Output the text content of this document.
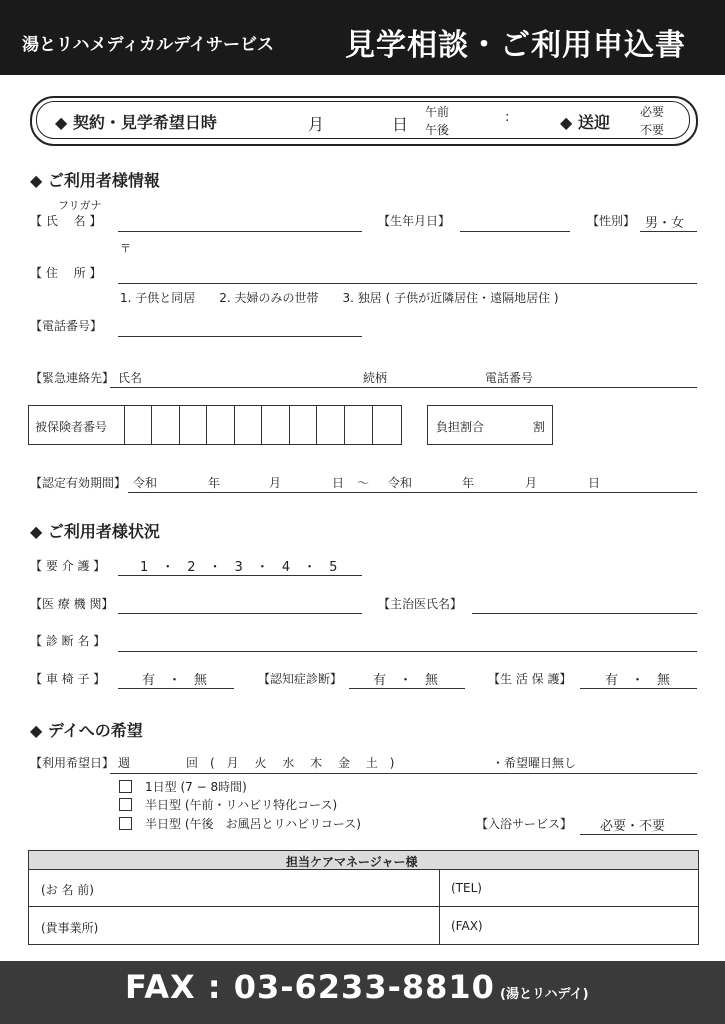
湯とリハメディカルデイサービス 見学相談・ご利用申込書
◆ 契約・見学希望日時	月	日
午前
午後
:	◆ 送迎
必要
不要
◆ ご利用者様情報
フリガナ
【 氏　 名 】	【生年月日】	【性別】 男・女
〒
【 住　 所 】
1. 子供と同居　　2. 夫婦のみの世帯　　3. 独居 ( 子供が近隣居住・遠隔地居住 )
【電話番号】
【緊急連絡先】 氏名	続柄	電話番号
被保険者番号	負担割合	割
【認定有効期間】 令和	年	月	日 〜 令和	年	月	日
◆ ご利用者様状況
【 要 介 護 】	1　・　2　・　3　・　4　・　5
【医 療 機 関】	【主治医氏名】
【 診 断 名 】
【 車 椅 子 】	有　・　無	【認知症診断】 有　・　無	【生 活 保 護】	有　・　無
◆ デイへの希望
【利用希望日】 週	回 (　月　 火　 水　 木　 金　 土　)	・希望曜日無し
1日型 (7 − 8時間)
半日型 (午前・リハビリ特化コース)
半日型 (午後　お風呂とリハビリコース)	【入浴サービス】 必要・不要
担当ケアマネージャー様
(お 名 前)	(TEL)
(貴事業所)	(FAX)
FAX : 03-6233-8810 (湯とリハデイ)
